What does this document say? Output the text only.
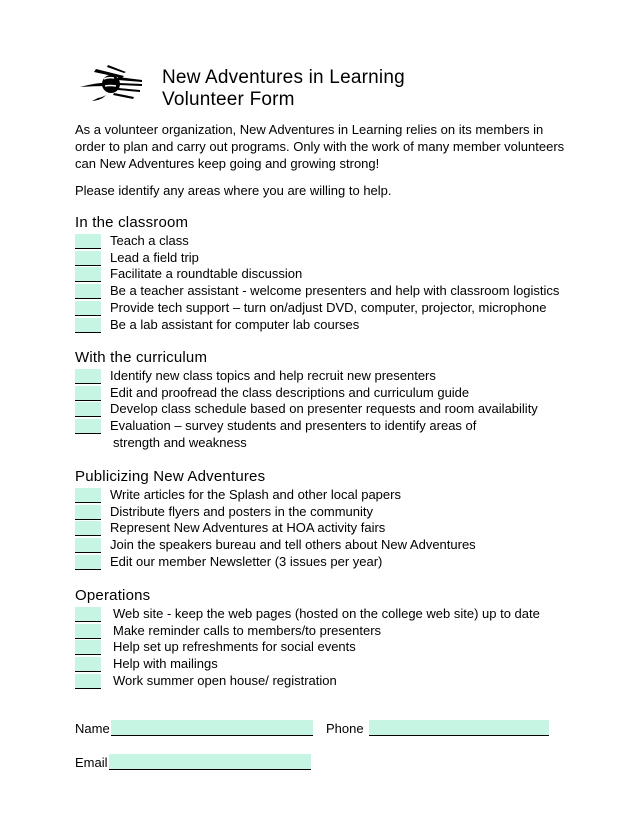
New Adventures in Learning
Volunteer Form
As a volunteer organization, New Adventures in Learning relies on its members in order to plan and carry out programs. Only with the work of many member volunteers can New Adventures keep going and growing strong!
Please identify any areas where you are willing to help.
In the classroom
Teach a class
Lead a field trip
Facilitate a roundtable discussion
Be a teacher assistant - welcome presenters and help with classroom logistics
Provide tech support – turn on/adjust DVD, computer, projector, microphone
Be a lab assistant for computer lab courses
With the curriculum
Identify new class topics and help recruit new presenters
Edit and proofread the class descriptions and curriculum guide
Develop class schedule based on presenter requests and room availability
Evaluation – survey students and presenters to identify areas of
strength and weakness
Publicizing New Adventures
Write articles for the Splash and other local papers
Distribute flyers and posters in the community
Represent New Adventures at HOA activity fairs
Join the speakers bureau and tell others about New Adventures
Edit our member Newsletter (3 issues per year)
Operations
Web site - keep the web pages (hosted on the college web site) up to date
Make reminder calls to members/to presenters
Help set up refreshments for social events
Help with mailings
Work summer open house/ registration
Name	Phone
Email
